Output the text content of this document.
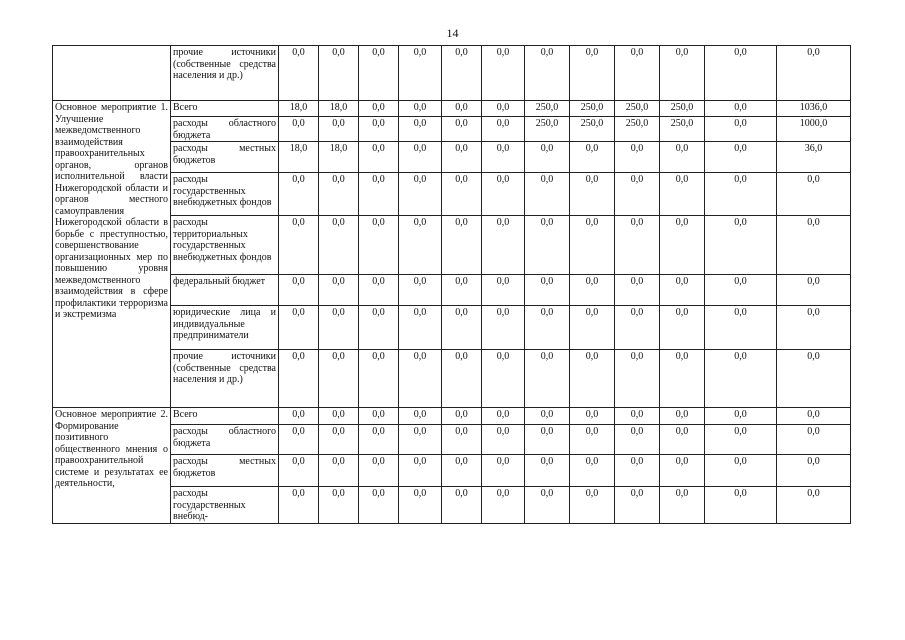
14
	прочие источники (собственные средства населения и др.)	0,0	0,0	0,0	0,0	0,0	0,0	0,0	0,0	0,0	0,0	0,0	0,0
Основное мероприятие 1. Улучшение межведомственного взаимодействия правоохранительных органов, органов исполнительной власти Нижегородской области и органов местного самоуправления Нижегородской области в борьбе с преступностью, совершенствование организационных мер по повышению уровня межведомственного взаимодействия в сфере профилактики терроризма и экстремизма	Всего	18,0	18,0	0,0	0,0	0,0	0,0	250,0	250,0	250,0	250,0	0,0	1036,0
	расходы областного бюджета	0,0	0,0	0,0	0,0	0,0	0,0	250,0	250,0	250,0	250,0	0,0	1000,0
	расходы местных бюджетов	18,0	18,0	0,0	0,0	0,0	0,0	0,0	0,0	0,0	0,0	0,0	36,0
	расходы государственных внебюджетных фондов	0,0	0,0	0,0	0,0	0,0	0,0	0,0	0,0	0,0	0,0	0,0	0,0
	расходы территориальных государственных внебюджетных фондов	0,0	0,0	0,0	0,0	0,0	0,0	0,0	0,0	0,0	0,0	0,0	0,0
	федеральный бюджет	0,0	0,0	0,0	0,0	0,0	0,0	0,0	0,0	0,0	0,0	0,0	0,0
	юридические лица и индивидуальные предприниматели	0,0	0,0	0,0	0,0	0,0	0,0	0,0	0,0	0,0	0,0	0,0	0,0
	прочие источники (собственные средства населения и др.)	0,0	0,0	0,0	0,0	0,0	0,0	0,0	0,0	0,0	0,0	0,0	0,0
Основное мероприятие 2. Формирование позитивного общественного мнения о правоохранительной системе и результатах ее деятельности,	Всего	0,0	0,0	0,0	0,0	0,0	0,0	0,0	0,0	0,0	0,0	0,0	0,0
	расходы областного бюджета	0,0	0,0	0,0	0,0	0,0	0,0	0,0	0,0	0,0	0,0	0,0	0,0
	расходы местных бюджетов	0,0	0,0	0,0	0,0	0,0	0,0	0,0	0,0	0,0	0,0	0,0	0,0
	расходы государственных внебюд-	0,0	0,0	0,0	0,0	0,0	0,0	0,0	0,0	0,0	0,0	0,0	0,0
